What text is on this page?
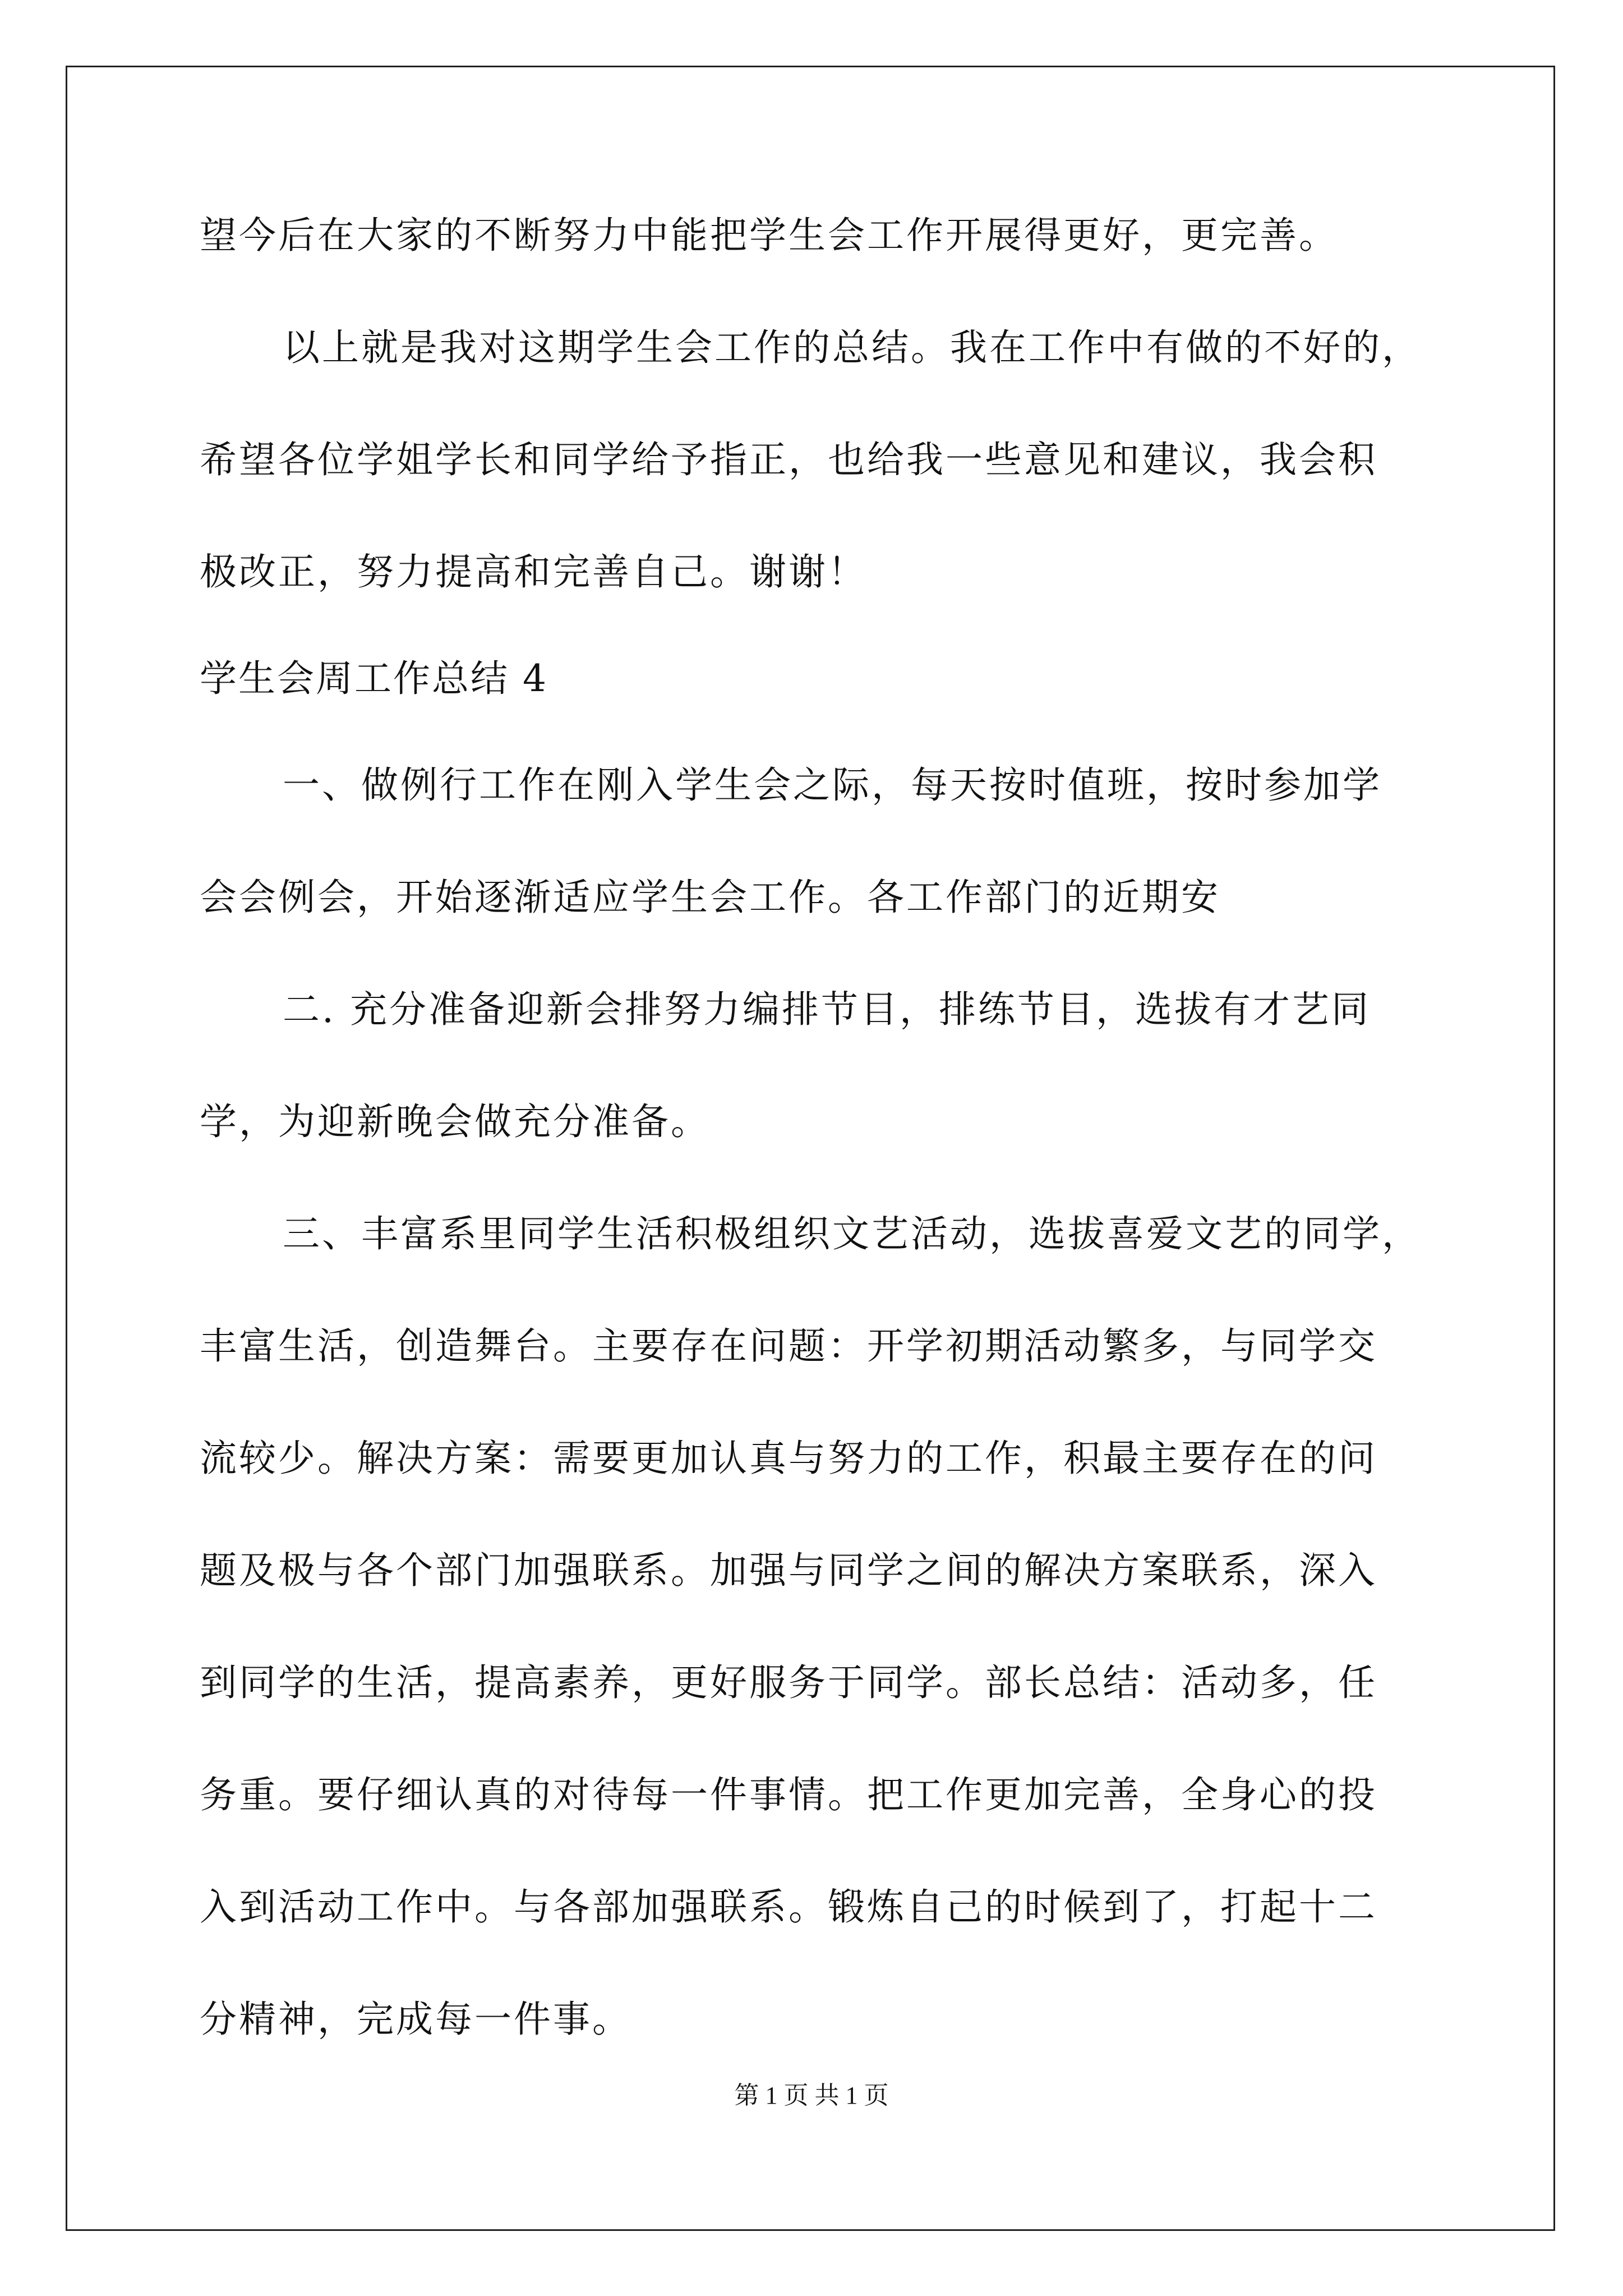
望今后在大家的不断努力中能把学生会工作开展得更好，更完善。
以上就是我对这期学生会工作的总结。我在工作中有做的不好的，
希望各位学姐学长和同学给予指正，也给我一些意见和建议，我会积
极改正，努力提高和完善自己。谢谢！
学生会周工作总结 4
一、做例行工作在刚入学生会之际，每天按时值班，按时参加学
会会例会，开始逐渐适应学生会工作。各工作部门的近期安
二. 充分准备迎新会排努力编排节目，排练节目，选拔有才艺同
学，为迎新晚会做充分准备。
三、丰富系里同学生活积极组织文艺活动，选拔喜爱文艺的同学，
丰富生活，创造舞台。主要存在问题：开学初期活动繁多，与同学交
流较少。解决方案：需要更加认真与努力的工作，积最主要存在的问
题及极与各个部门加强联系。加强与同学之间的解决方案联系，深入
到同学的生活，提高素养，更好服务于同学。部长总结：活动多，任
务重。要仔细认真的对待每一件事情。把工作更加完善，全身心的投
入到活动工作中。与各部加强联系。锻炼自己的时候到了，打起十二
分精神，完成每一件事。
第 1 页 共 1 页
